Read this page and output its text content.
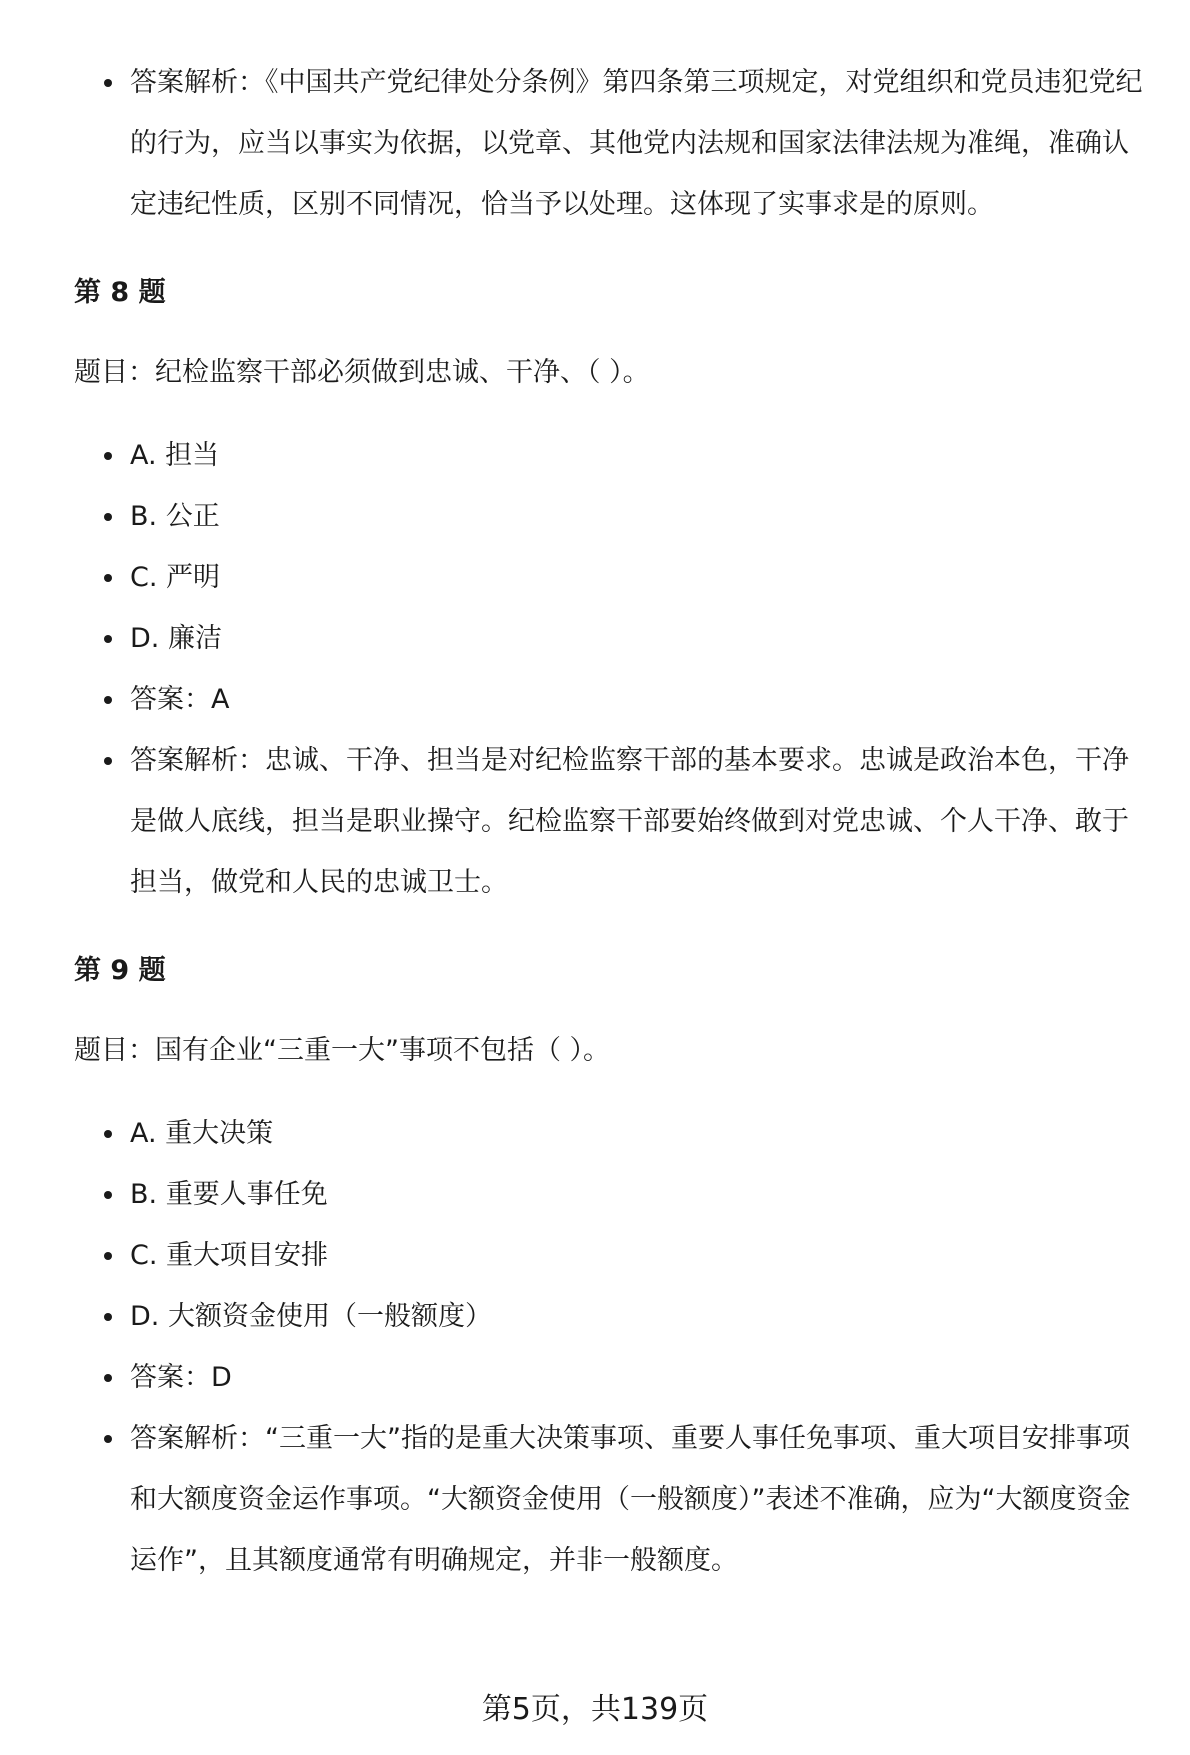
答案解析：《中国共产党纪律处分条例》第四条第三项规定，对党组织和党员违犯党纪的行为，应当以事实为依据，以党章、其他党内法规和国家法律法规为准绳，准确认定违纪性质，区别不同情况，恰当予以处理。这体现了实事求是的原则。

第 8 题

题目：纪检监察干部必须做到忠诚、干净、（ ）。

A. 担当
B. 公正
C. 严明
D. 廉洁
答案：A
答案解析：忠诚、干净、担当是对纪检监察干部的基本要求。忠诚是政治本色，干净是做人底线，担当是职业操守。纪检监察干部要始终做到对党忠诚、个人干净、敢于担当，做党和人民的忠诚卫士。

第 9 题

题目：国有企业“三重一大”事项不包括（ ）。

A. 重大决策
B. 重要人事任免
C. 重大项目安排
D. 大额资金使用（一般额度）
答案：D
答案解析：“三重一大”指的是重大决策事项、重要人事任免事项、重大项目安排事项和大额度资金运作事项。“大额资金使用（一般额度）”表述不准确，应为“大额度资金运作”，且其额度通常有明确规定，并非一般额度。
第5页，共139页
